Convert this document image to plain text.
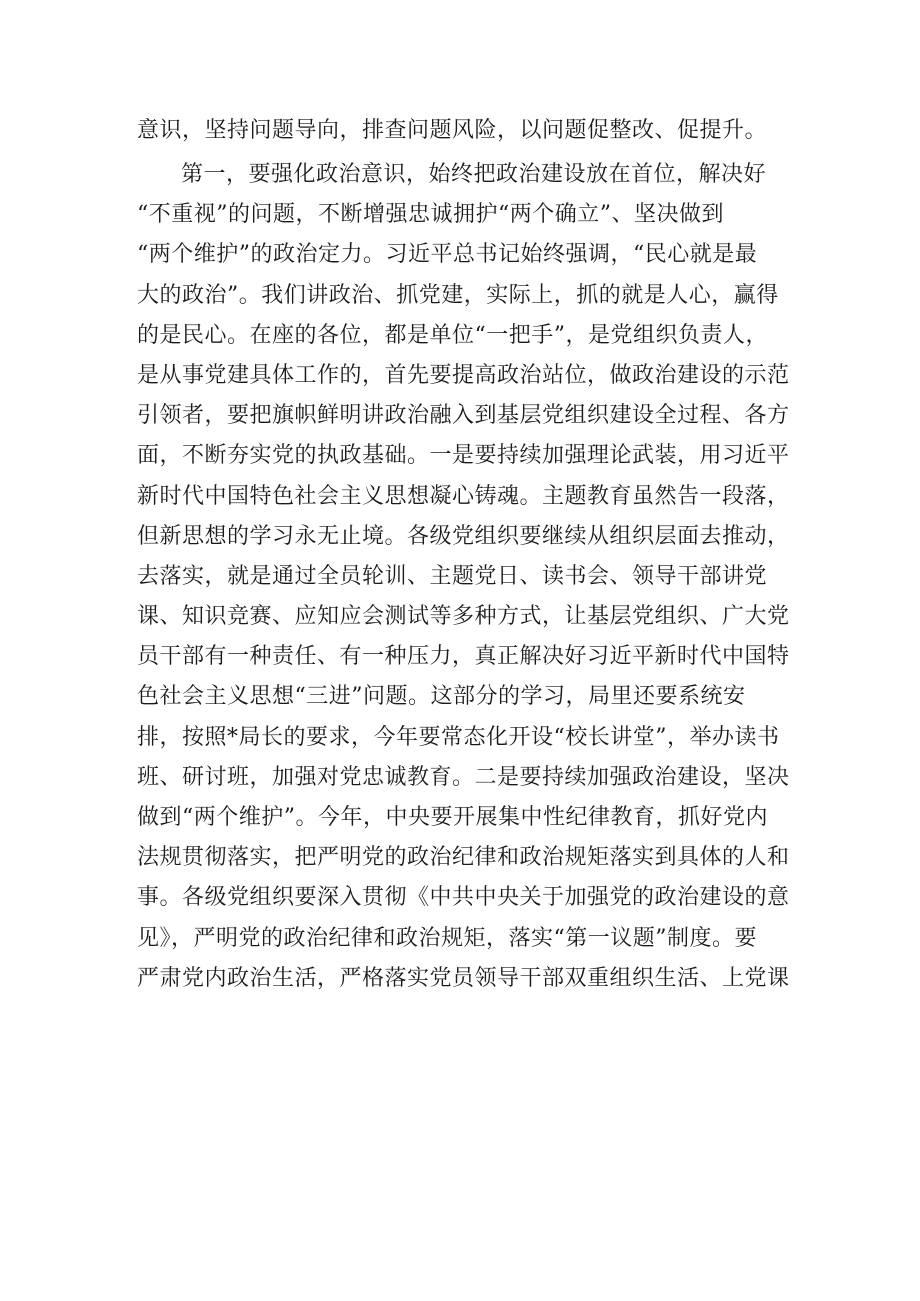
意识，坚持问题导向，排查问题风险，以问题促整改、促提升。
第一，要强化政治意识，始终把政治建设放在首位，解决好
“不重视”的问题，不断增强忠诚拥护“两个确立”、坚决做到
“两个维护”的政治定力。习近平总书记始终强调，“民心就是最
大的政治”。我们讲政治、抓党建，实际上，抓的就是人心，赢得
的是民心。在座的各位，都是单位“一把手”，是党组织负责人，
是从事党建具体工作的，首先要提高政治站位，做政治建设的示范
引领者，要把旗帜鲜明讲政治融入到基层党组织建设全过程、各方
面，不断夯实党的执政基础。一是要持续加强理论武装，用习近平
新时代中国特色社会主义思想凝心铸魂。主题教育虽然告一段落，
但新思想的学习永无止境。各级党组织要继续从组织层面去推动，
去落实，就是通过全员轮训、主题党日、读书会、领导干部讲党
课、知识竞赛、应知应会测试等多种方式，让基层党组织、广大党
员干部有一种责任、有一种压力，真正解决好习近平新时代中国特
色社会主义思想“三进”问题。这部分的学习，局里还要系统安
排，按照*局长的要求，今年要常态化开设“校长讲堂”，举办读书
班、研讨班，加强对党忠诚教育。二是要持续加强政治建设，坚决
做到“两个维护”。今年，中央要开展集中性纪律教育，抓好党内
法规贯彻落实，把严明党的政治纪律和政治规矩落实到具体的人和
事。各级党组织要深入贯彻《中共中央关于加强党的政治建设的意
见》，严明党的政治纪律和政治规矩，落实“第一议题”制度。要
严肃党内政治生活，严格落实党员领导干部双重组织生活、上党课
